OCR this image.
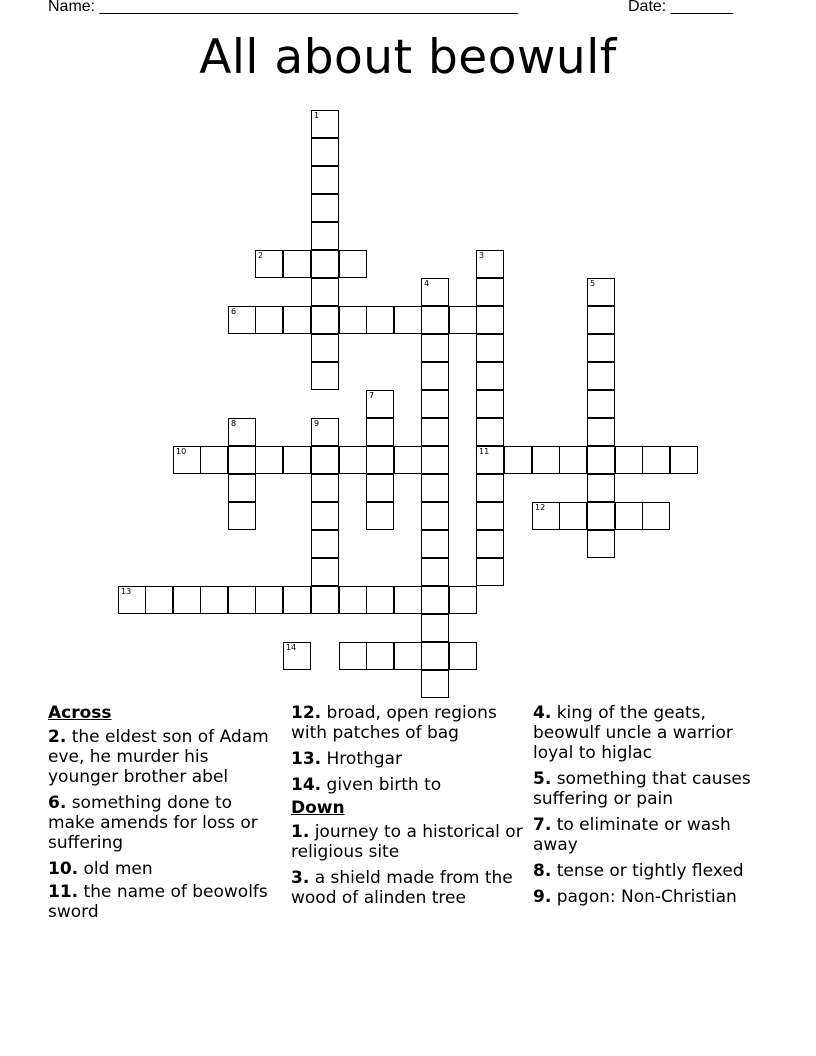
Name: _______________________________________________	Date: _______
All about beowulf
1
2	3
11
4	5
6
7
8	9
10
12
13
14
Across
2. the eldest son of Adam eve, he murder his younger brother abel
6. something done to make amends for loss or suffering
10. old men
11. the name of beowolfs sword
12. broad, open regions with patches of bag
13. Hrothgar
14. given birth to
Down
1. journey to a historical or religious site
3. a shield made from the wood of alinden tree
4. king of the geats, beowulf uncle a warrior loyal to higlac
5. something that causes suffering or pain
7. to eliminate or wash away
8. tense or tightly flexed
9. pagon: Non-Christian
